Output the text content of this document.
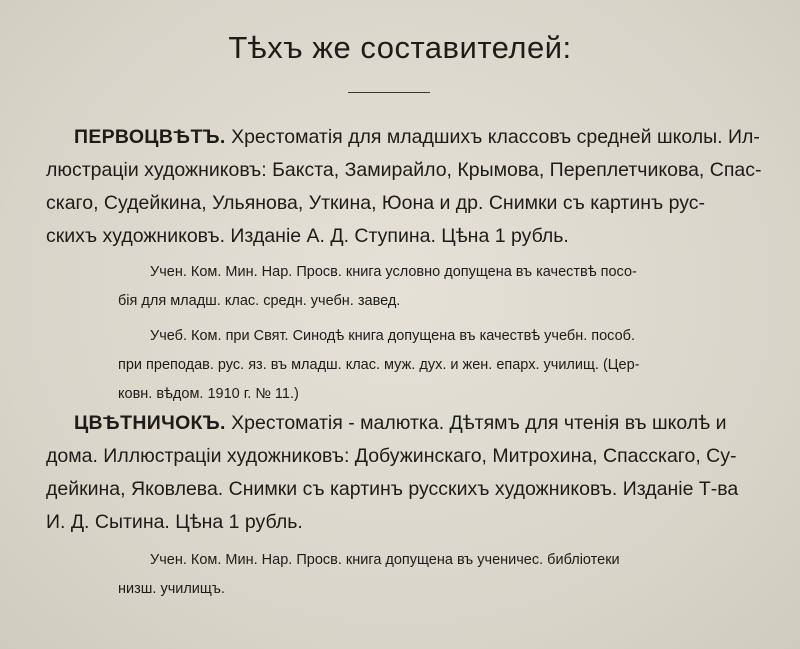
Тѣхъ же составителей:
ПЕРВОЦВѢТЪ. Хрестоматія для младшихъ классовъ средней школы. Ил-
люстраціи художниковъ: Бакста, Замирайло, Крымова, Переплетчикова, Спас-
скаго, Судейкина, Ульянова, Уткина, Юона и др. Снимки съ картинъ рус-
скихъ художниковъ. Изданіе А. Д. Ступина. Цѣна 1 рубль.
Учен. Ком. Мин. Нар. Просв. книга условно допущена въ качествѣ посо-
бія для младш. клас. средн. учебн. завед.
Учеб. Ком. при Свят. Синодѣ книга допущена въ качествѣ учебн. пособ.
при преподав. рус. яз. въ младш. клас. муж. дух. и жен. епарх. училищ. (Цер-
ковн. вѣдом. 1910 г. № 11.)
ЦВѢТНИЧОКЪ. Хрестоматія - малютка. Дѣтямъ для чтенія въ школѣ и
дома. Иллюстраціи художниковъ: Добужинскаго, Митрохина, Спасскаго, Су-
дейкина, Яковлева. Снимки съ картинъ русскихъ художниковъ. Изданіе Т-ва
И. Д. Сытина. Цѣна 1 рубль.
Учен. Ком. Мин. Нар. Просв. книга допущена въ ученичес. библіотеки
низш. училищъ.
